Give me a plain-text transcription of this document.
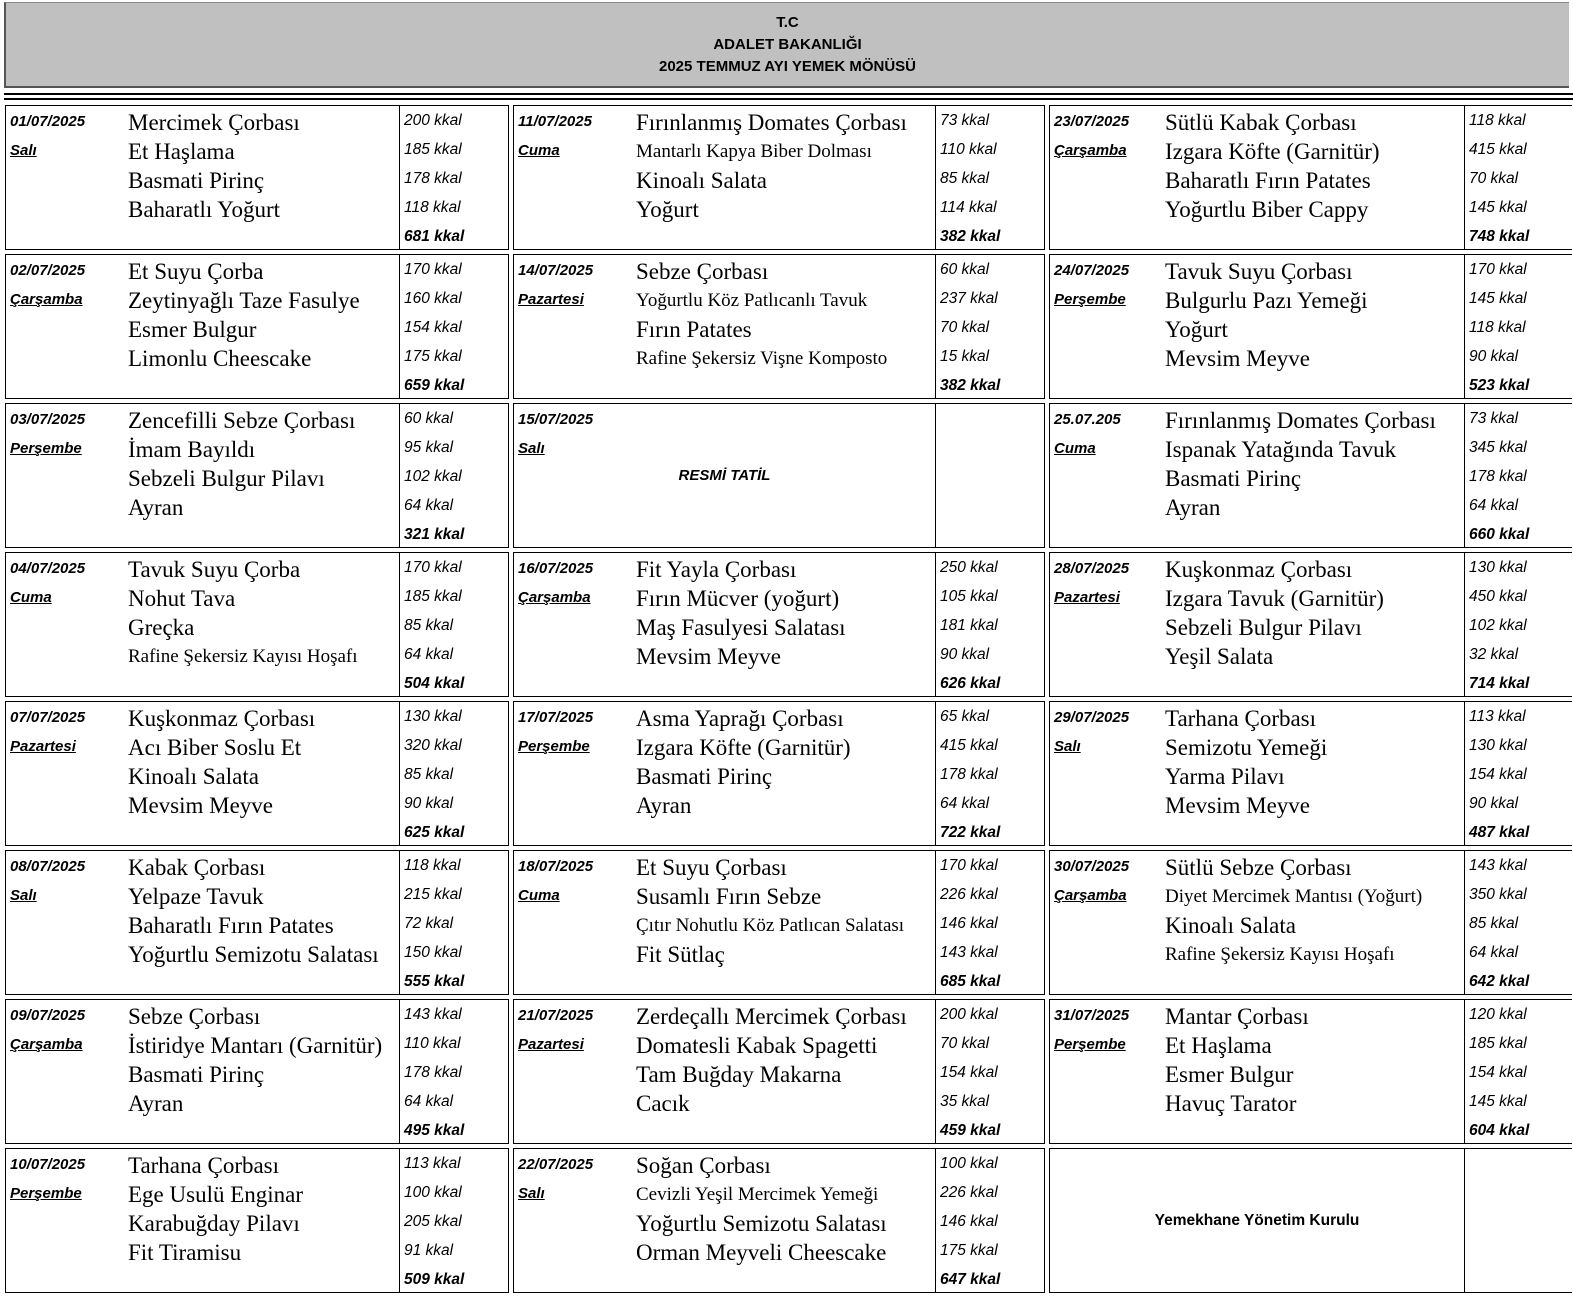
T.C
ADALET BAKANLIĞI
2025 TEMMUZ AYI YEMEK MÖNÜSÜ
01/07/2025
Salı
200 kkal
185 kkal
178 kkal
118 kkal
681 kkal
Mercimek Çorbası
Et Haşlama
Basmati Pirinç
Baharatlı Yoğurt
11/07/2025
Cuma
73 kkal
110 kkal
85 kkal
114 kkal
382 kkal
Fırınlanmış Domates Çorbası
Mantarlı Kapya Biber Dolması
Kinoalı Salata
Yoğurt
23/07/2025
Çarşamba
118 kkal
415 kkal
70 kkal
145 kkal
748 kkal
Sütlü Kabak Çorbası
Izgara Köfte (Garnitür)
Baharatlı Fırın Patates
Yoğurtlu Biber Cappy
02/07/2025
Çarşamba
170 kkal
160 kkal
154 kkal
175 kkal
659 kkal
Et Suyu Çorba
Zeytinyağlı Taze Fasulye
Esmer Bulgur
Limonlu Cheescake
14/07/2025
Pazartesi
60 kkal
237 kkal
70 kkal
15 kkal
382 kkal
Sebze Çorbası
Yoğurtlu Köz Patlıcanlı Tavuk
Fırın Patates
Rafine Şekersiz Vişne Komposto
24/07/2025
Perşembe
170 kkal
145 kkal
118 kkal
90 kkal
523 kkal
Tavuk Suyu Çorbası
Bulgurlu Pazı Yemeği
Yoğurt
Mevsim Meyve
03/07/2025
Perşembe
60 kkal
95 kkal
102 kkal
64 kkal
321 kkal
Zencefilli Sebze Çorbası
İmam Bayıldı
Sebzeli Bulgur Pilavı
Ayran
15/07/2025
Salı
RESMİ TATİL
25.07.205
Cuma
73 kkal
345 kkal
178 kkal
64 kkal
660 kkal
Fırınlanmış Domates Çorbası
Ispanak Yatağında Tavuk
Basmati Pirinç
Ayran
04/07/2025
Cuma
170 kkal
185 kkal
85 kkal
64 kkal
504 kkal
Tavuk Suyu Çorba
Nohut Tava
Greçka
Rafine Şekersiz Kayısı Hoşafı
16/07/2025
Çarşamba
250 kkal
105 kkal
181 kkal
90 kkal
626 kkal
Fit Yayla Çorbası
Fırın Mücver (yoğurt)
Maş Fasulyesi Salatası
Mevsim Meyve
28/07/2025
Pazartesi
130 kkal
450 kkal
102 kkal
32 kkal
714 kkal
Kuşkonmaz Çorbası
Izgara Tavuk (Garnitür)
Sebzeli Bulgur Pilavı
Yeşil Salata
07/07/2025
Pazartesi
130 kkal
320 kkal
85 kkal
90 kkal
625 kkal
Kuşkonmaz Çorbası
Acı Biber Soslu Et
Kinoalı Salata
Mevsim Meyve
17/07/2025
Perşembe
65 kkal
415 kkal
178 kkal
64 kkal
722 kkal
Asma Yaprağı Çorbası
Izgara Köfte (Garnitür)
Basmati Pirinç
Ayran
29/07/2025
Salı
113 kkal
130 kkal
154 kkal
90 kkal
487 kkal
Tarhana Çorbası
Semizotu Yemeği
Yarma Pilavı
Mevsim Meyve
08/07/2025
Salı
118 kkal
215 kkal
72 kkal
150 kkal
555 kkal
Kabak Çorbası
Yelpaze Tavuk
Baharatlı Fırın Patates
Yoğurtlu Semizotu Salatası
18/07/2025
Cuma
170 kkal
226 kkal
146 kkal
143 kkal
685 kkal
Et Suyu Çorbası
Susamlı Fırın Sebze
Çıtır Nohutlu Köz Patlıcan Salatası
Fit Sütlaç
30/07/2025
Çarşamba
143 kkal
350 kkal
85 kkal
64 kkal
642 kkal
Sütlü Sebze Çorbası
Diyet Mercimek Mantısı (Yoğurt)
Kinoalı Salata
Rafine Şekersiz Kayısı Hoşafı
09/07/2025
Çarşamba
143 kkal
110 kkal
178 kkal
64 kkal
495 kkal
Sebze Çorbası
İstiridye Mantarı (Garnitür)
Basmati Pirinç
Ayran
21/07/2025
Pazartesi
200 kkal
70 kkal
154 kkal
35 kkal
459 kkal
Zerdeçallı Mercimek Çorbası
Domatesli Kabak Spagetti
Tam Buğday Makarna
Cacık
31/07/2025
Perşembe
120 kkal
185 kkal
154 kkal
145 kkal
604 kkal
Mantar Çorbası
Et Haşlama
Esmer Bulgur
Havuç Tarator
10/07/2025
Perşembe
113 kkal
100 kkal
205 kkal
91 kkal
509 kkal
Tarhana Çorbası
Ege Usulü Enginar
Karabuğday Pilavı
Fit Tiramisu
22/07/2025
Salı
100 kkal
226 kkal
146 kkal
175 kkal
647 kkal
Soğan Çorbası
Cevizli Yeşil Mercimek Yemeği
Yoğurtlu Semizotu Salatası
Orman Meyveli Cheescake
Yemekhane Yönetim Kurulu
